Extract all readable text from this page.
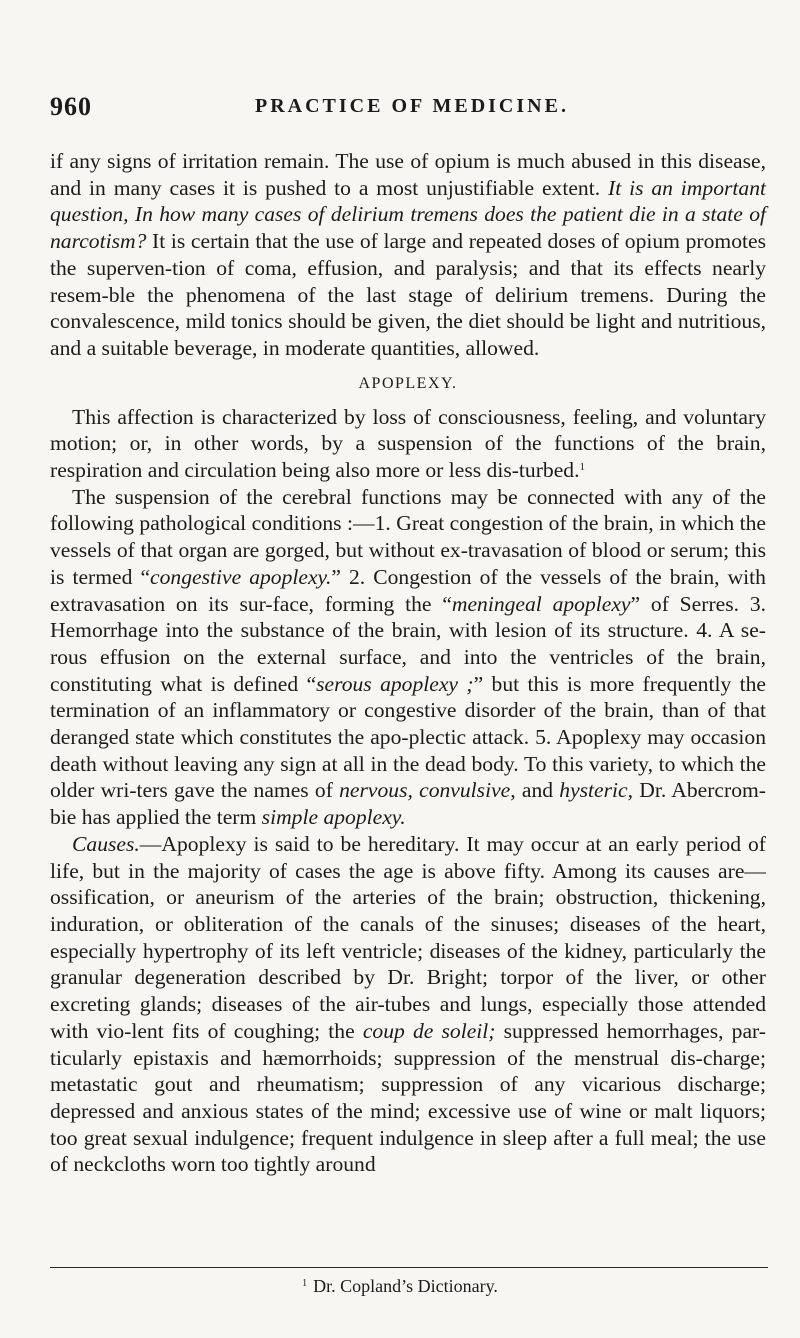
960	PRACTICE OF MEDICINE.

if any signs of irritation remain. The use of opium is much abused in this disease, and in many cases it is pushed to a most unjustifiable extent. It is an important question, In how many cases of delirium tremens does the patient die in a state of narcotism? It is certain that the use of large and repeated doses of opium promotes the superven-tion of coma, effusion, and paralysis; and that its effects nearly resem-ble the phenomena of the last stage of delirium tremens. During the convalescence, mild tonics should be given, the diet should be light and nutritious, and a suitable beverage, in moderate quantities, allowed.

APOPLEXY.

This affection is characterized by loss of consciousness, feeling, and voluntary motion; or, in other words, by a suspension of the functions of the brain, respiration and circulation being also more or less dis-turbed.$^1$

The suspension of the cerebral functions may be connected with any of the following pathological conditions :—1. Great congestion of the brain, in which the vessels of that organ are gorged, but without ex-travasation of blood or serum; this is termed “congestive apoplexy.” 2. Congestion of the vessels of the brain, with extravasation on its sur-face, forming the “meningeal apoplexy” of Serres. 3. Hemorrhage into the substance of the brain, with lesion of its structure. 4. A se-rous effusion on the external surface, and into the ventricles of the brain, constituting what is defined “serous apoplexy ;” but this is more frequently the termination of an inflammatory or congestive disorder of the brain, than of that deranged state which constitutes the apo-plectic attack. 5. Apoplexy may occasion death without leaving any sign at all in the dead body. To this variety, to which the older wri-ters gave the names of nervous, convulsive, and hysteric, Dr. Abercrom-bie has applied the term simple apoplexy.

Causes.—Apoplexy is said to be hereditary. It may occur at an early period of life, but in the majority of cases the age is above fifty. Among its causes are—ossification, or aneurism of the arteries of the brain; obstruction, thickening, induration, or obliteration of the canals of the sinuses; diseases of the heart, especially hypertrophy of its left ventricle; diseases of the kidney, particularly the granular degeneration described by Dr. Bright; torpor of the liver, or other excreting glands; diseases of the air-tubes and lungs, especially those attended with vio-lent fits of coughing; the coup de soleil; suppressed hemorrhages, par-ticularly epistaxis and hæmorrhoids; suppression of the menstrual dis-charge; metastatic gout and rheumatism; suppression of any vicarious discharge; depressed and anxious states of the mind; excessive use of wine or malt liquors; too great sexual indulgence; frequent indulgence in sleep after a full meal; the use of neckcloths worn too tightly around

$^1$ Dr. Copland’s Dictionary.
